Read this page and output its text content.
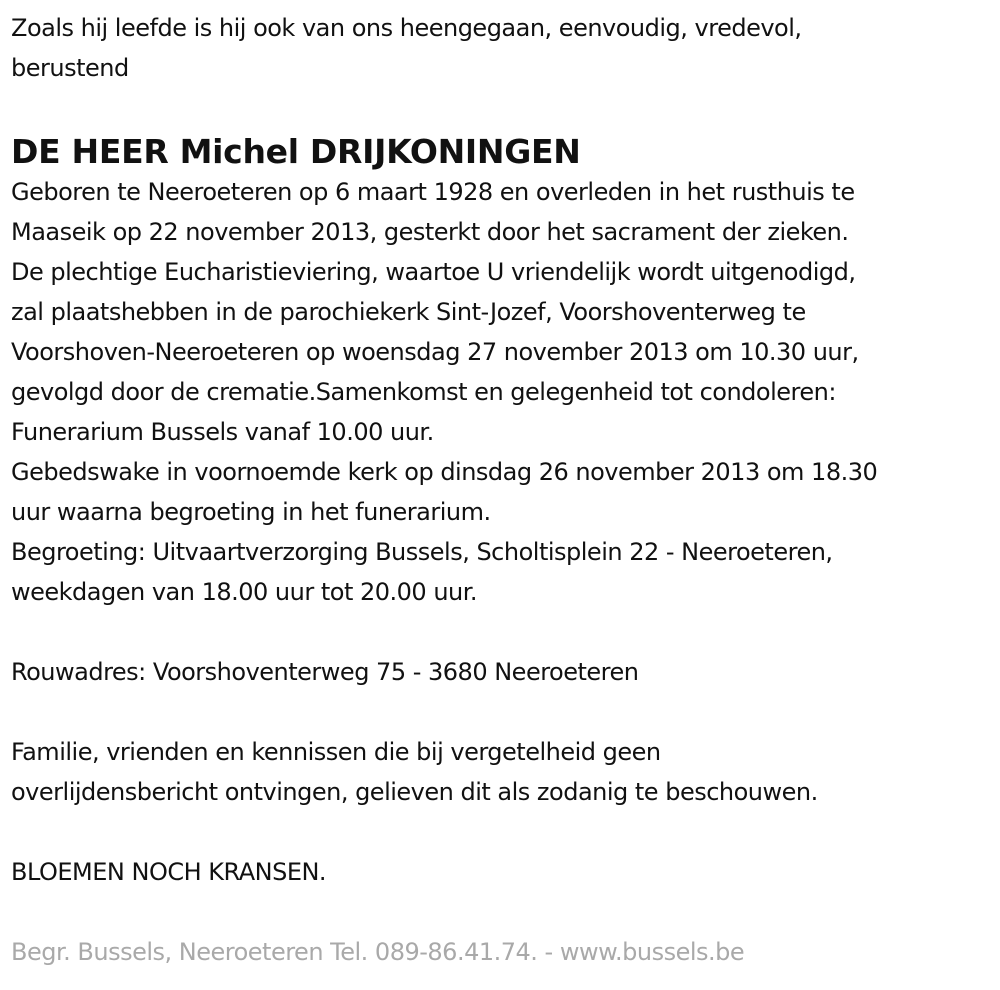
Zoals hij leefde is hij ook van ons heengegaan, eenvoudig, vredevol,

berustend

DE HEER Michel DRIJKONINGEN

Geboren te Neeroeteren op 6 maart 1928 en overleden in het rusthuis te

Maaseik op 22 november 2013, gesterkt door het sacrament der zieken.

De plechtige Eucharistieviering, waartoe U vriendelijk wordt uitgenodigd,

zal plaatshebben in de parochiekerk Sint-Jozef, Voorshoventerweg te

Voorshoven-Neeroeteren op woensdag 27 november 2013 om 10.30 uur,

gevolgd door de crematie.Samenkomst en gelegenheid tot condoleren:

Funerarium Bussels vanaf 10.00 uur.

Gebedswake in voornoemde kerk op dinsdag 26 november 2013 om 18.30

uur waarna begroeting in het funerarium.

Begroeting: Uitvaartverzorging Bussels, Scholtisplein 22 - Neeroeteren,

weekdagen van 18.00 uur tot 20.00 uur.

Rouwadres: Voorshoventerweg 75 - 3680 Neeroeteren

Familie, vrienden en kennissen die bij vergetelheid geen

overlijdensbericht ontvingen, gelieven dit als zodanig te beschouwen.

BLOEMEN NOCH KRANSEN.

Begr. Bussels, Neeroeteren Tel. 089-86.41.74. - www.bussels.be
